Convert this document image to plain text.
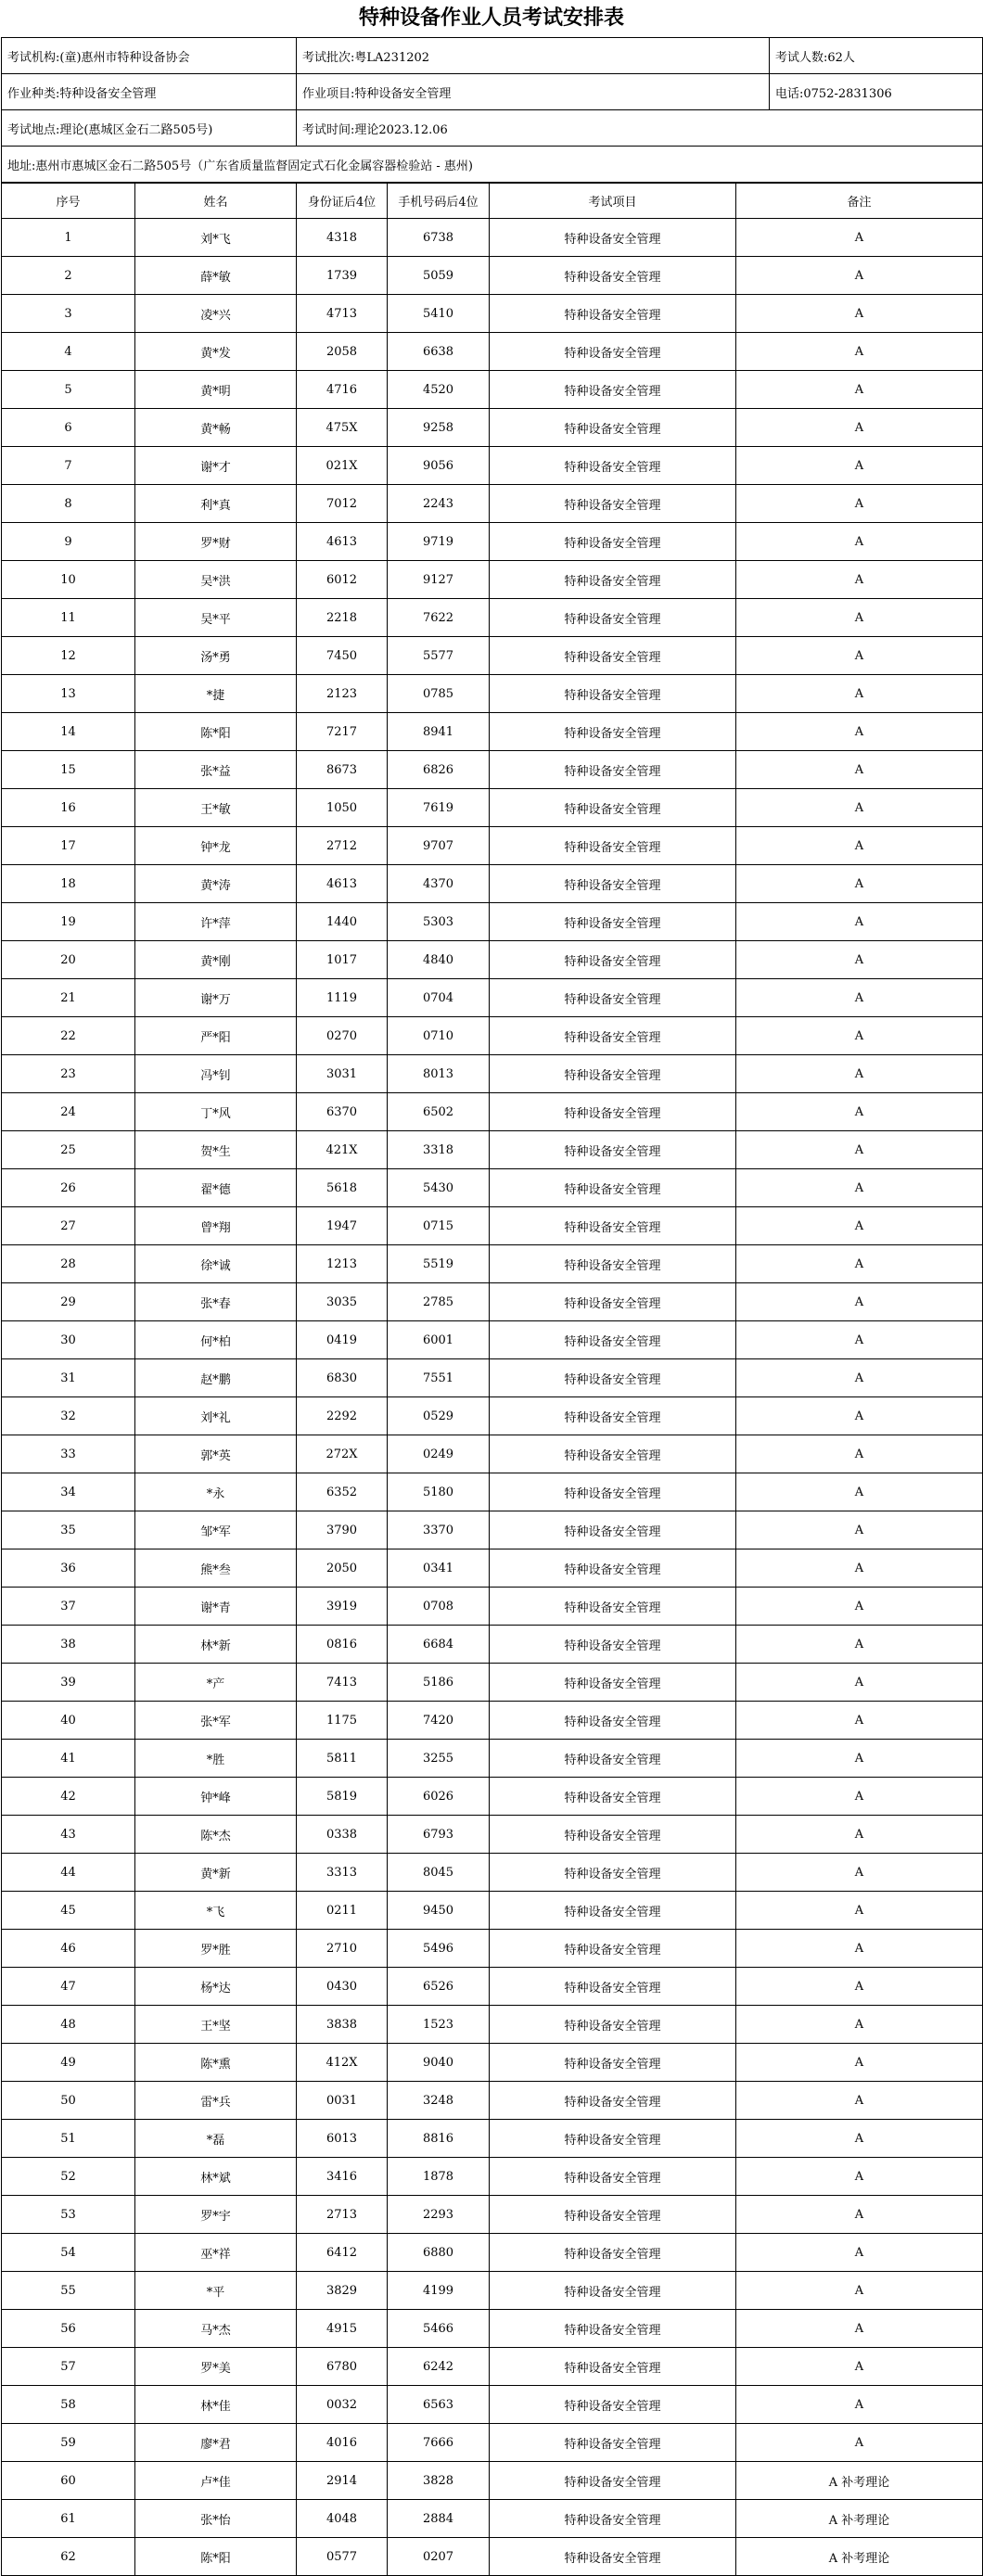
特种设备作业人员考试安排表
考试机构:(童)惠州市特种设备协会	考试批次:粤LA231202	考试人数:62人
作业种类:特种设备安全管理	作业项目:特种设备安全管理	电话:0752-2831306
考试地点:理论(惠城区金石二路505号)	考试时间:理论2023.12.06	
地址:惠州市惠城区金石二路505号（广东省质量监督固定式石化金属容器检验站 - 惠州)		
序号	姓名	身份证后4位	手机号码后4位	考试项目	备注
1	刘*飞	4318	6738	特种设备安全管理	A
2	薛*敏	1739	5059	特种设备安全管理	A
3	凌*兴	4713	5410	特种设备安全管理	A
4	黄*发	2058	6638	特种设备安全管理	A
5	黄*明	4716	4520	特种设备安全管理	A
6	黄*畅	475X	9258	特种设备安全管理	A
7	谢*才	021X	9056	特种设备安全管理	A
8	利*真	7012	2243	特种设备安全管理	A
9	罗*财	4613	9719	特种设备安全管理	A
10	吴*洪	6012	9127	特种设备安全管理	A
11	吴*平	2218	7622	特种设备安全管理	A
12	汤*勇	7450	5577	特种设备安全管理	A
13	*捷	2123	0785	特种设备安全管理	A
14	陈*阳	7217	8941	特种设备安全管理	A
15	张*益	8673	6826	特种设备安全管理	A
16	王*敏	1050	7619	特种设备安全管理	A
17	钟*龙	2712	9707	特种设备安全管理	A
18	黄*涛	4613	4370	特种设备安全管理	A
19	许*萍	1440	5303	特种设备安全管理	A
20	黄*刚	1017	4840	特种设备安全管理	A
21	谢*万	1119	0704	特种设备安全管理	A
22	严*阳	0270	0710	特种设备安全管理	A
23	冯*钊	3031	8013	特种设备安全管理	A
24	丁*风	6370	6502	特种设备安全管理	A
25	贺*生	421X	3318	特种设备安全管理	A
26	翟*德	5618	5430	特种设备安全管理	A
27	曾*翔	1947	0715	特种设备安全管理	A
28	徐*诚	1213	5519	特种设备安全管理	A
29	张*春	3035	2785	特种设备安全管理	A
30	何*柏	0419	6001	特种设备安全管理	A
31	赵*鹏	6830	7551	特种设备安全管理	A
32	刘*礼	2292	0529	特种设备安全管理	A
33	郭*英	272X	0249	特种设备安全管理	A
34	*永	6352	5180	特种设备安全管理	A
35	邹*军	3790	3370	特种设备安全管理	A
36	熊*叁	2050	0341	特种设备安全管理	A
37	谢*青	3919	0708	特种设备安全管理	A
38	林*新	0816	6684	特种设备安全管理	A
39	*产	7413	5186	特种设备安全管理	A
40	张*军	1175	7420	特种设备安全管理	A
41	*胜	5811	3255	特种设备安全管理	A
42	钟*峰	5819	6026	特种设备安全管理	A
43	陈*杰	0338	6793	特种设备安全管理	A
44	黄*新	3313	8045	特种设备安全管理	A
45	*飞	0211	9450	特种设备安全管理	A
46	罗*胜	2710	5496	特种设备安全管理	A
47	杨*达	0430	6526	特种设备安全管理	A
48	王*坚	3838	1523	特种设备安全管理	A
49	陈*熏	412X	9040	特种设备安全管理	A
50	雷*兵	0031	3248	特种设备安全管理	A
51	*磊	6013	8816	特种设备安全管理	A
52	林*斌	3416	1878	特种设备安全管理	A
53	罗*宇	2713	2293	特种设备安全管理	A
54	巫*祥	6412	6880	特种设备安全管理	A
55	*平	3829	4199	特种设备安全管理	A
56	马*杰	4915	5466	特种设备安全管理	A
57	罗*美	6780	6242	特种设备安全管理	A
58	林*佳	0032	6563	特种设备安全管理	A
59	廖*君	4016	7666	特种设备安全管理	A
60	卢*佳	2914	3828	特种设备安全管理	A 补考理论
61	张*怡	4048	2884	特种设备安全管理	A 补考理论
62	陈*阳	0577	0207	特种设备安全管理	A 补考理论
